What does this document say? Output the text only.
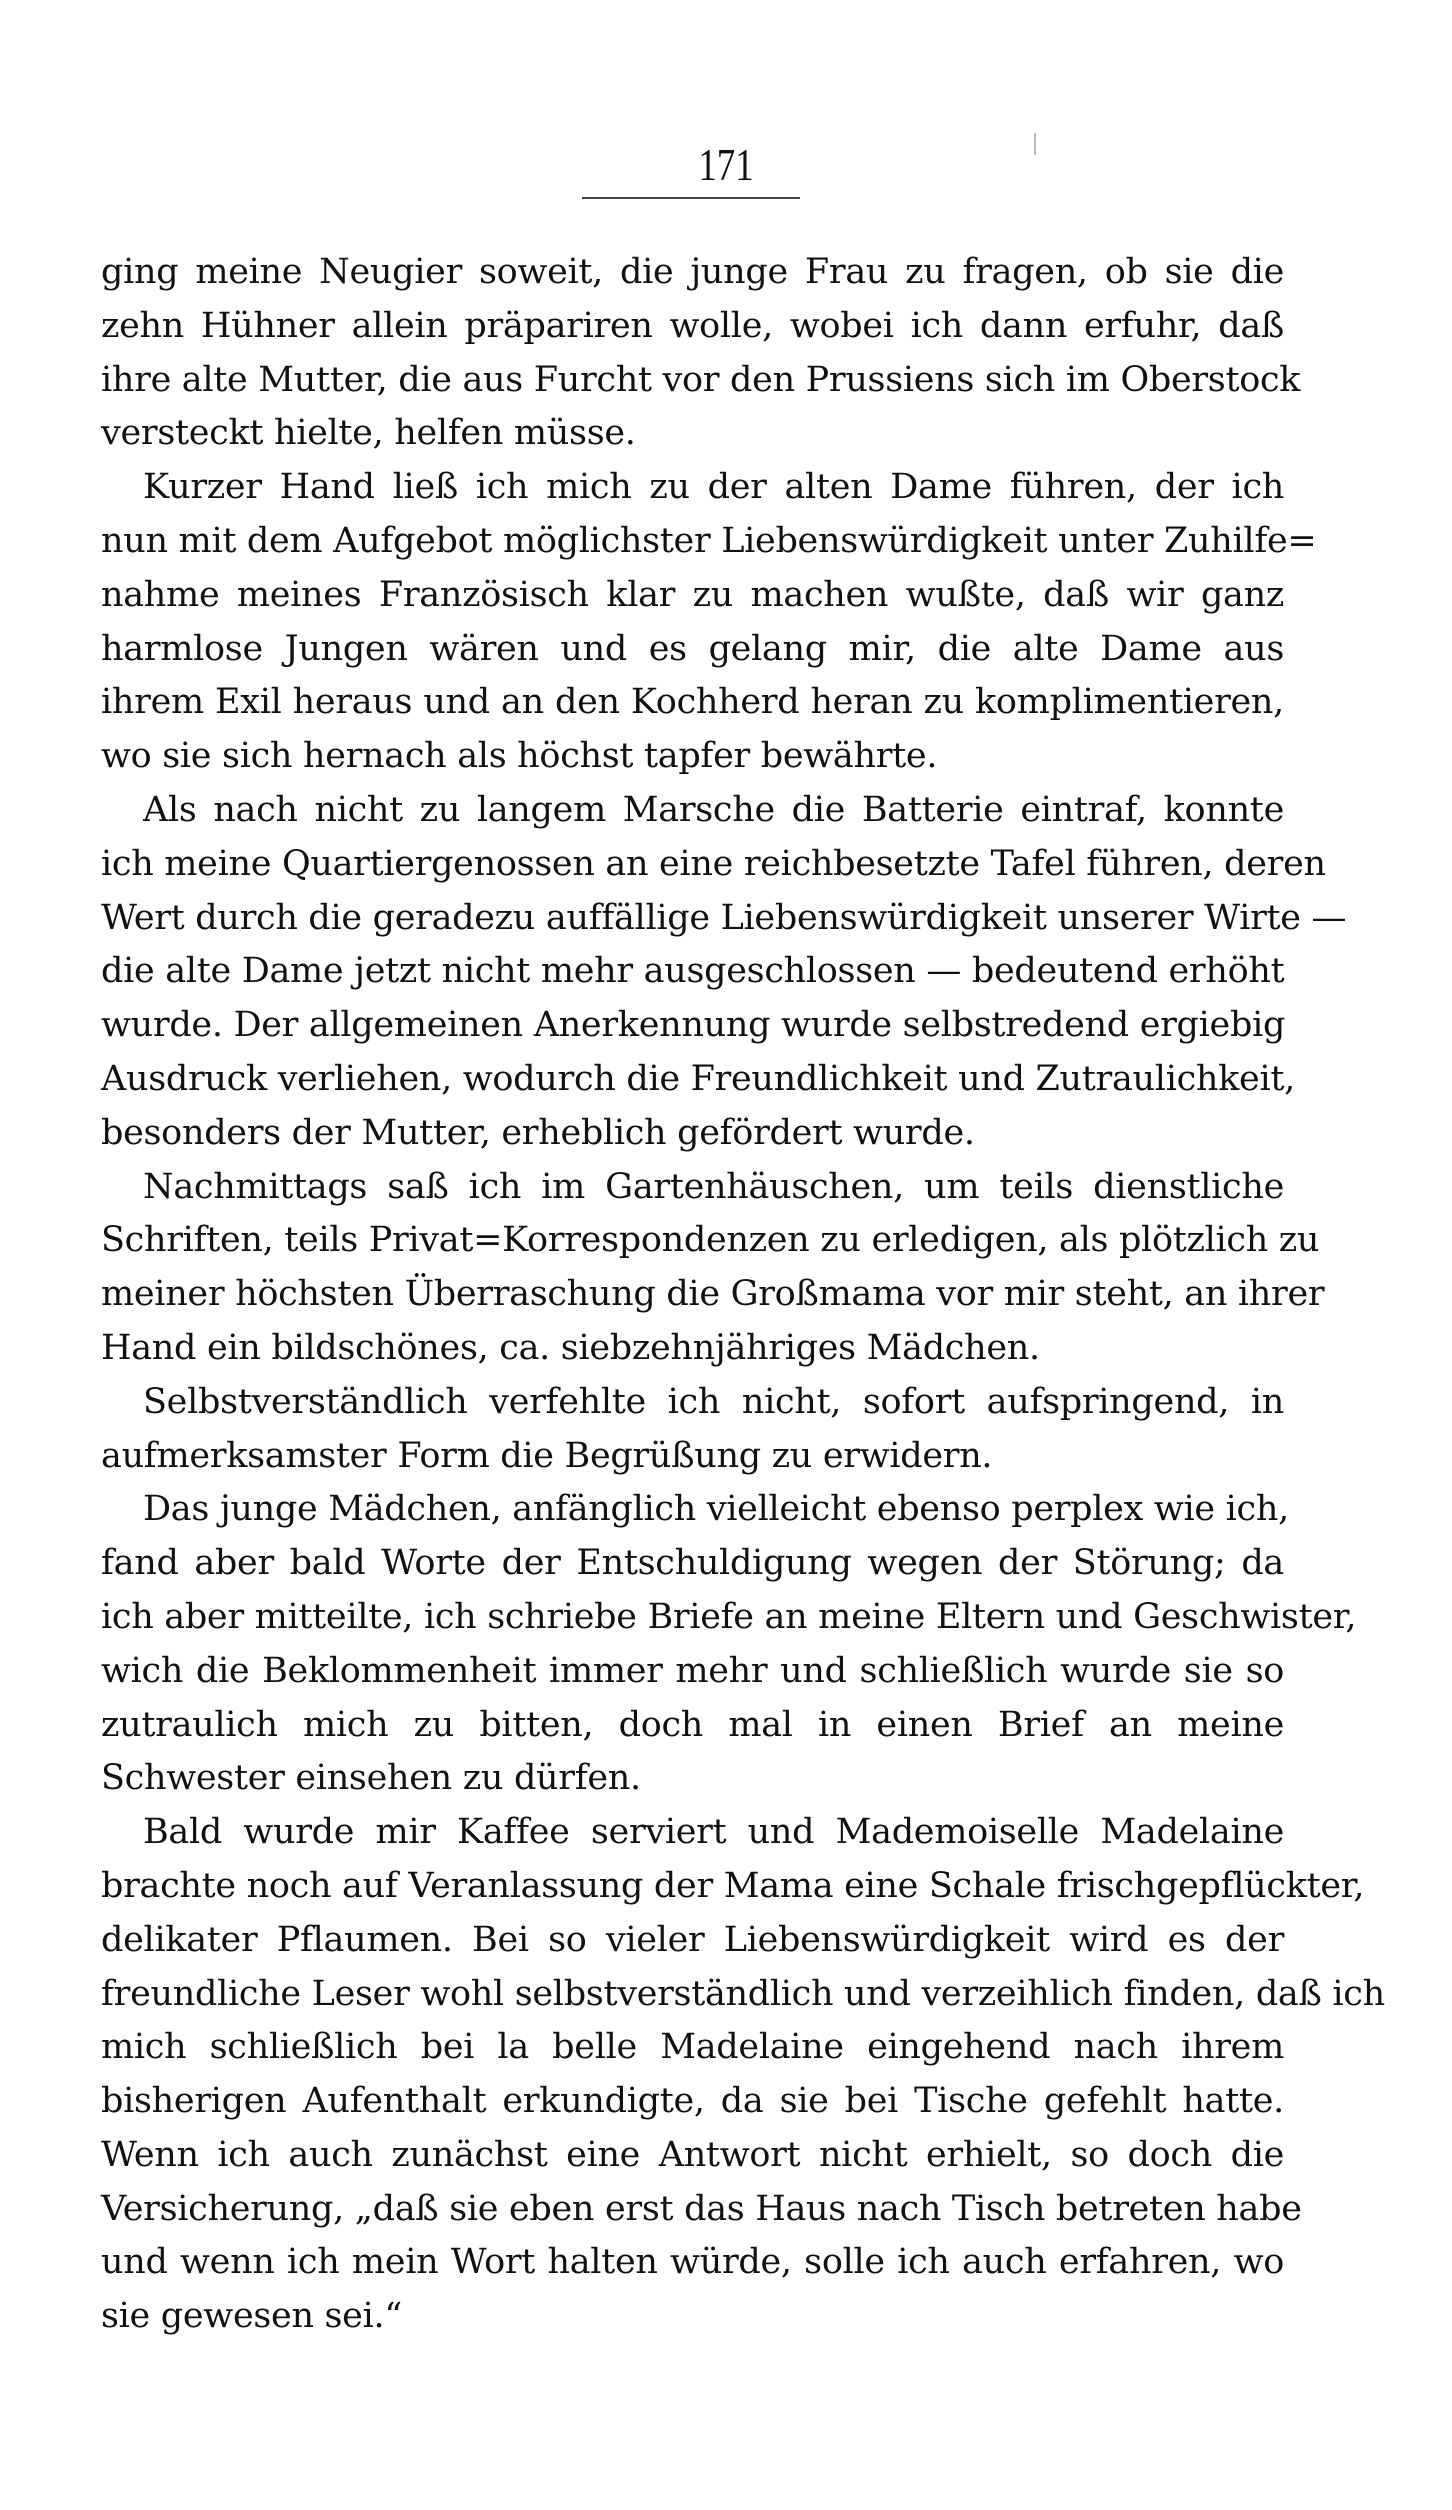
171
ging meine Neugier soweit, die junge Frau zu fragen, ob sie die
zehn Hühner allein präpariren wolle, wobei ich dann erfuhr, daß
ihre alte Mutter, die aus Furcht vor den Prussiens sich im Oberstock
versteckt hielte, helfen müsse.
Kurzer Hand ließ ich mich zu der alten Dame führen, der ich
nun mit dem Aufgebot möglichster Liebenswürdigkeit unter Zuhilfe=
nahme meines Französisch klar zu machen wußte, daß wir ganz
harmlose Jungen wären und es gelang mir, die alte Dame aus
ihrem Exil heraus und an den Kochherd heran zu komplimentieren,
wo sie sich hernach als höchst tapfer bewährte.
Als nach nicht zu langem Marsche die Batterie eintraf, konnte
ich meine Quartiergenossen an eine reichbesetzte Tafel führen, deren
Wert durch die geradezu auffällige Liebenswürdigkeit unserer Wirte —
die alte Dame jetzt nicht mehr ausgeschlossen — bedeutend erhöht
wurde. Der allgemeinen Anerkennung wurde selbstredend ergiebig
Ausdruck verliehen, wodurch die Freundlichkeit und Zutraulichkeit,
besonders der Mutter, erheblich gefördert wurde.
Nachmittags saß ich im Gartenhäuschen, um teils dienstliche
Schriften, teils Privat=Korrespondenzen zu erledigen, als plötzlich zu
meiner höchsten Überraschung die Großmama vor mir steht, an ihrer
Hand ein bildschönes, ca. siebzehnjähriges Mädchen.
Selbstverständlich verfehlte ich nicht, sofort aufspringend, in
aufmerksamster Form die Begrüßung zu erwidern.
Das junge Mädchen, anfänglich vielleicht ebenso perplex wie ich,
fand aber bald Worte der Entschuldigung wegen der Störung; da
ich aber mitteilte, ich schriebe Briefe an meine Eltern und Geschwister,
wich die Beklommenheit immer mehr und schließlich wurde sie so
zutraulich mich zu bitten, doch mal in einen Brief an meine
Schwester einsehen zu dürfen.
Bald wurde mir Kaffee serviert und Mademoiselle Madelaine
brachte noch auf Veranlassung der Mama eine Schale frischgepflückter,
delikater Pflaumen. Bei so vieler Liebenswürdigkeit wird es der
freundliche Leser wohl selbstverständlich und verzeihlich finden, daß ich
mich schließlich bei la belle Madelaine eingehend nach ihrem
bisherigen Aufenthalt erkundigte, da sie bei Tische gefehlt hatte.
Wenn ich auch zunächst eine Antwort nicht erhielt, so doch die
Versicherung, „daß sie eben erst das Haus nach Tisch betreten habe
und wenn ich mein Wort halten würde, solle ich auch erfahren, wo
sie gewesen sei.“
